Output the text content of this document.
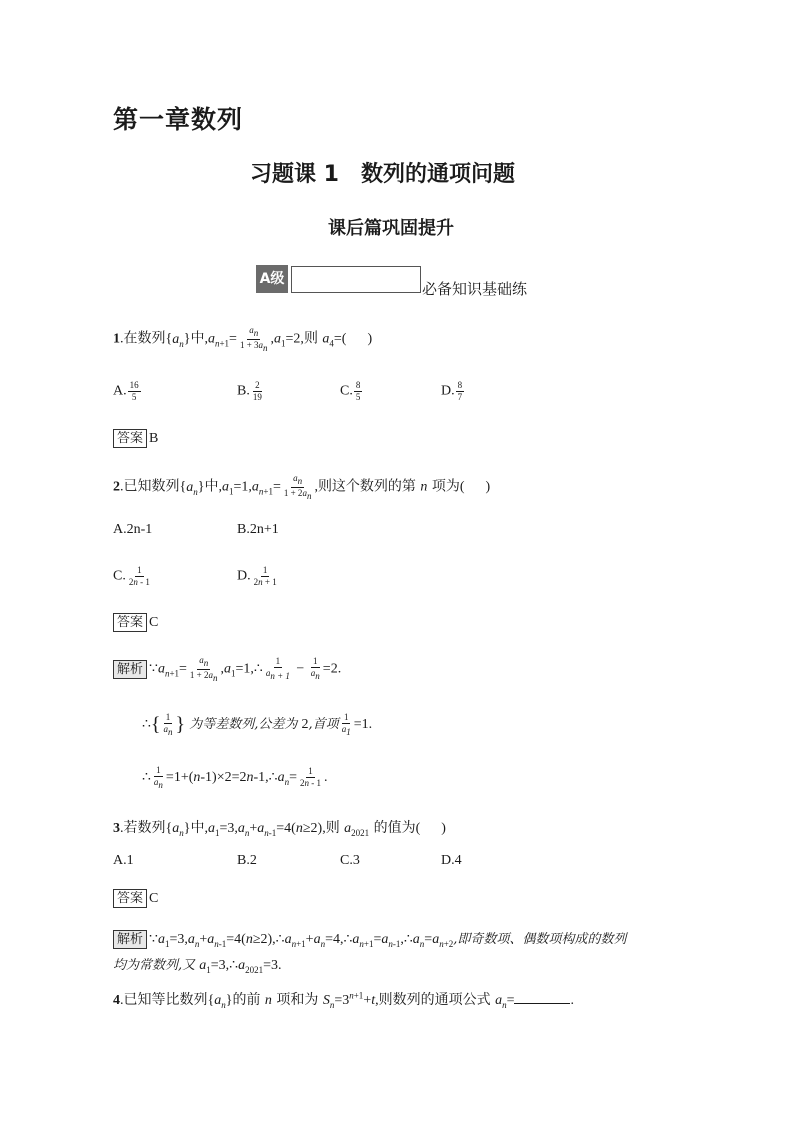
第一章数列
习题课 1 数列的通项问题
课后篇巩固提升
A级
必备知识基础练
1.在数列$\{a_n\}$中$,a_{n+1}= \frac{a_n}{1 + 3a_n} ,a_1=2$,则 $a_4=$(      )
A. $\frac{16}{5}$	B. $\frac{2}{19}$	C. $\frac{8}{5}$	D. $\frac{8}{7}$
答案 B
2.已知数列$\{a_n\}$中$,a_1=1,a_{n+1}= \frac{a_n}{1 + 2a_n}$ ,则这个数列的第 n 项为(      )
A.2n-1	B.2n+1
C. $\frac{1}{2n - 1}$	D. $\frac{1}{2n + 1}$
答案 C
解析 $\because a_{n+1}= \frac{a_n}{1 + 2a_n}$ $,a_1=1,\therefore \frac{1}{a_{n + 1}} - \frac{1}{a_n} =2$.
∴{ $\frac{1}{a_n}$ } 为等差数列,公差为 2,首项 $\frac{1}{a_1} =1$.
∴ $\frac{1}{a_n}$ $=1+(n-1)\times 2=2n-1,\therefore a_n= \frac{1}{2n - 1}$ .
3.若数列$\{a_n\}$中$,a_1=3,a_n+a_{n-1}=4(n\ge 2)$,则 $a_{2021}$ 的值为(      )
A.1	B.2	C.3	D.4
答案 C
解析 $\because a_1=3,a_n+a_{n-1}=4(n\ge 2),\therefore a_{n+1}+a_n=4,\therefore a_{n+1}=a_{n-1},\therefore a_n=a_{n+2}$,即奇数项、偶数项构成的数列
均为常数列,又 $a_1=3,\therefore a_{2021}=3$.
4.已知等比数列$\{a_n\}$的前 n 项和为 $S_n=3^{n+1}+t$,则数列的通项公式 $a_n=$	.
